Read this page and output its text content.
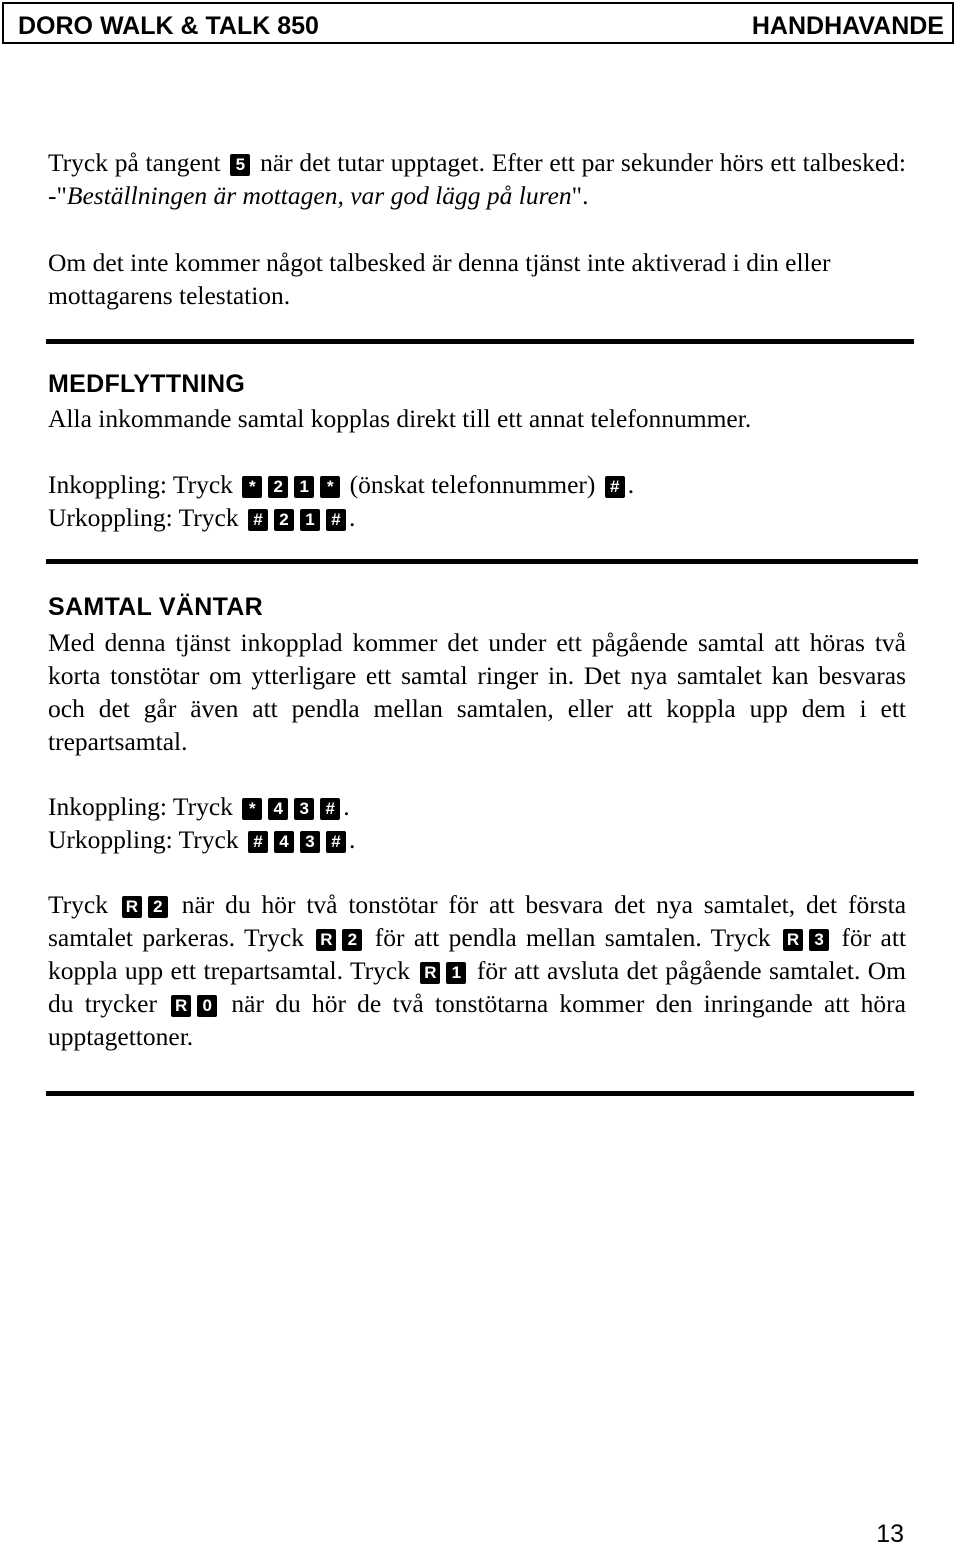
DORO WALK & TALK 850	HANDHAVANDE

Tryck på tangent 5 när det tutar upptaget. Efter ett par sekunder hörs ett talbesked: -"Beställningen är mottagen, var god lägg på luren".

Om det inte kommer något talbesked är denna tjänst inte aktiverad i din eller mottagarens telestation.

MEDFLYTTNING

Alla inkommande samtal kopplas direkt till ett annat telefonnummer.

Inkoppling: Tryck * 2 1 * (önskat telefonnummer) # .
Urkoppling: Tryck # 2 1 # .

SAMTAL VÄNTAR

Med denna tjänst inkopplad kommer det under ett pågående samtal att höras två korta tonstötar om ytterligare ett samtal ringer in. Det nya samtalet kan besvaras och det går även att pendla mellan samtalen, eller att koppla upp dem i ett trepartsamtal.

Inkoppling: Tryck * 4 3 # .
Urkoppling: Tryck # 4 3 # .

Tryck R 2 när du hör två tonstötar för att besvara det nya samtalet, det första samtalet parkeras. Tryck R 2 för att pendla mellan samtalen. Tryck R 3 för att koppla upp ett trepartsamtal. Tryck R 1 för att avsluta det pågående samtalet. Om du trycker R 0 när du hör de två tonstötarna kommer den inringande att höra upptagettoner.

13
